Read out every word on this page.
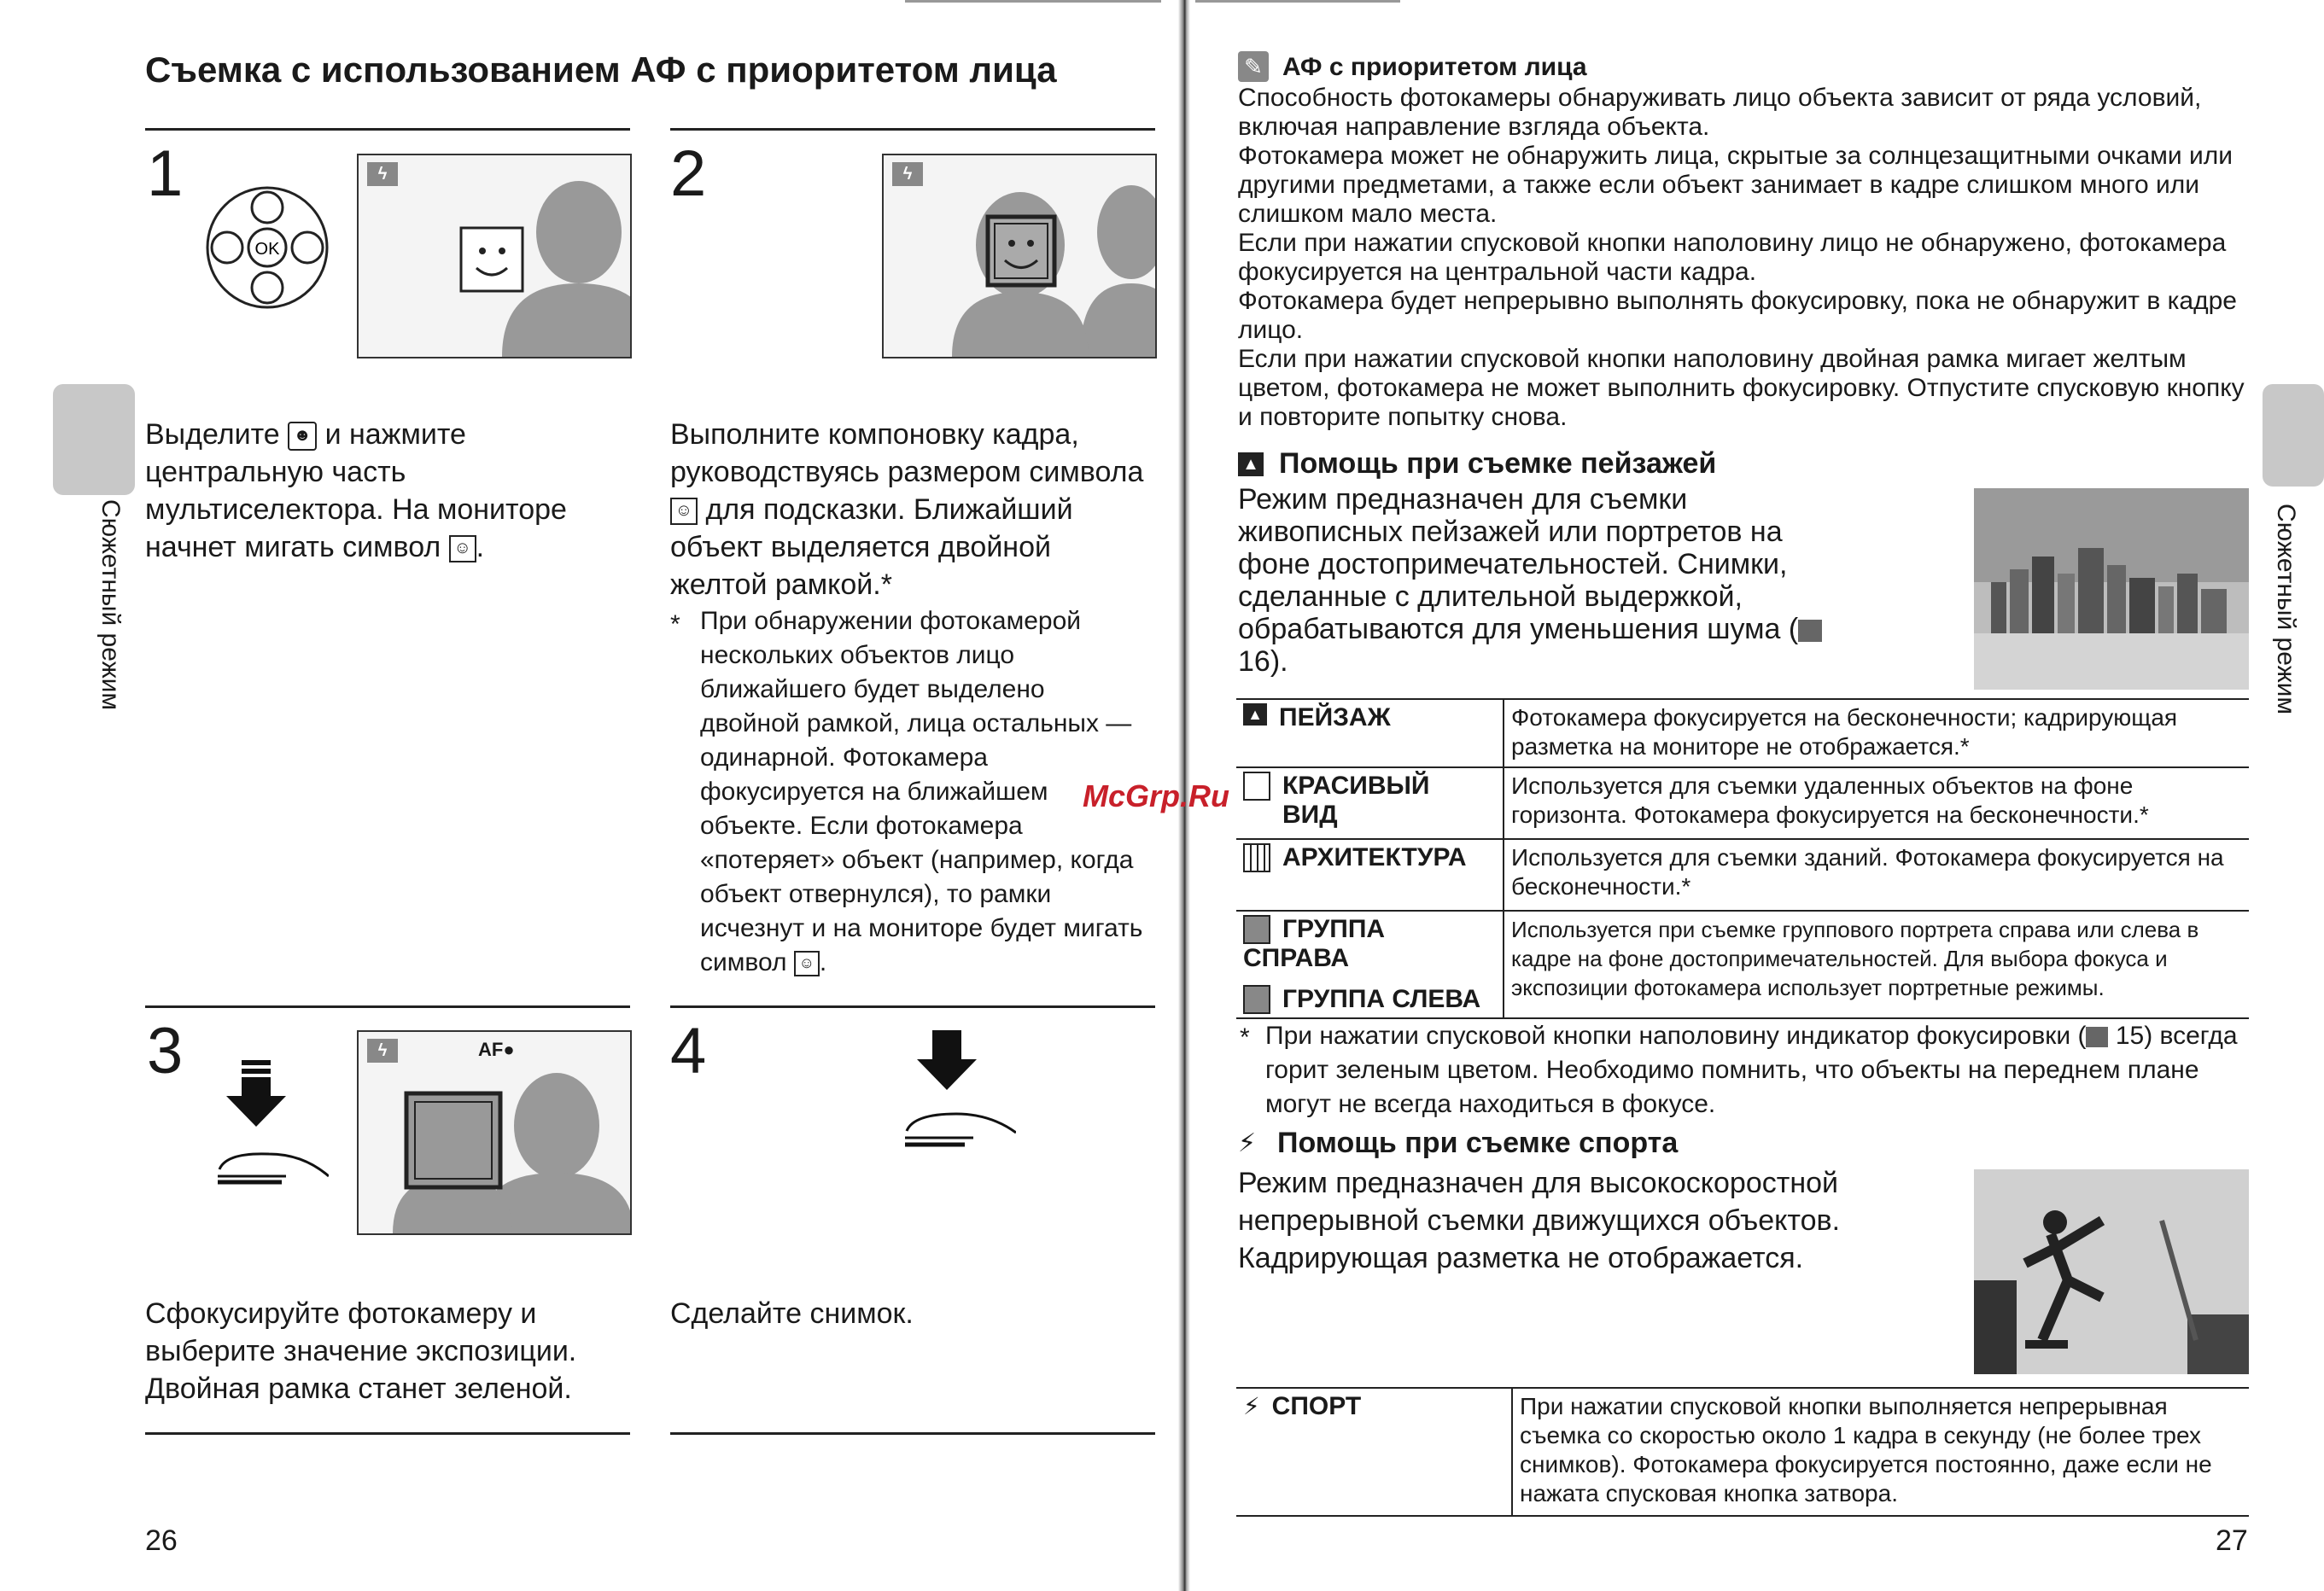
Съемка с использованием АФ с приоритетом лица
Сюжетный режим
1
OK
ϟ
Выделите ☻ и нажмите центральную часть мультиселектора. На мониторе начнет мигать символ ☺ .
2	ϟ
Выполните компоновку кадра, руководствуясь размером символа ☺ для подсказки. Ближайший объект выделяется двойной желтой рамкой.*
* При обнаружении фотокамерой нескольких объектов лицо ближайшего будет выделено двойной рамкой, лица остальных — одинарной. Фотокамера фокусируется на ближайшем объекте. Если фотокамера «потеряет» объект (например, когда объект отвернулся), то рамки исчезнут и на мониторе будет мигать символ ☺ .
3	ϟ	AF●
Сфокусируйте фотокамеру и выберите значение экспозиции. Двойная рамка станет зеленой.
4
Сделайте снимок.
26
McGrp.Ru
Сюжетный режим
✎ АФ с приоритетом лица
Способность фотокамеры обнаруживать лицо объекта зависит от ряда условий, включая направление взгляда объекта.
Фотокамера может не обнаружить лица, скрытые за солнцезащитными очками или другими предметами, а также если объект занимает в кадре слишком много или слишком мало места.
Если при нажатии спусковой кнопки наполовину лицо не обнаружено, фотокамера фокусируется на центральной части кадра.
Фотокамера будет непрерывно выполнять фокусировку, пока не обнаружит в кадре лицо.
Если при нажатии спусковой кнопки наполовину двойная рамка мигает желтым цветом, фотокамера не может выполнить фокусировку. Отпустите спусковую кнопку и повторите попытку снова.
▲ Помощь при съемке пейзажей
Режим предназначен для съемки живописных пейзажей или портретов на фоне достопримечательностей. Снимки, сделанные с длительной выдержкой, обрабатываются для уменьшения шума ( 16).
▲ ПЕЙЗАЖ	Фотокамера фокусируется на бесконечности; кадрирующая разметка на мониторе не отображается.*
КРАСИВЫЙ ВИД	Используется для съемки удаленных объектов на фоне горизонта. Фотокамера фокусируется на бесконечности.*
АРХИТЕКТУРА	Используется для съемки зданий. Фотокамера фокусируется на бесконечности.*

ГРУППА СПРАВА
ГРУППА СЛЕВА	Используется при съемке группового портрета справа или слева в кадре на фоне достопримечательностей. Для выбора фокуса и экспозиции фотокамера использует портретные режимы.
* При нажатии спусковой кнопки наполовину индикатор фокусировки ( 15) всегда горит зеленым цветом. Необходимо помнить, что объекты на переднем плане могут не всегда находиться в фокусе.
⚡ Помощь при съемке спорта
Режим предназначен для высокоскоростной непрерывной съемки движущихся объектов. Кадрирующая разметка не отображается.
⚡ СПОРТ	При нажатии спусковой кнопки выполняется непрерывная съемка со скоростью около 1 кадра в секунду (не более трех снимков). Фотокамера фокусируется постоянно, даже если не нажата спусковая кнопка затвора.
27
